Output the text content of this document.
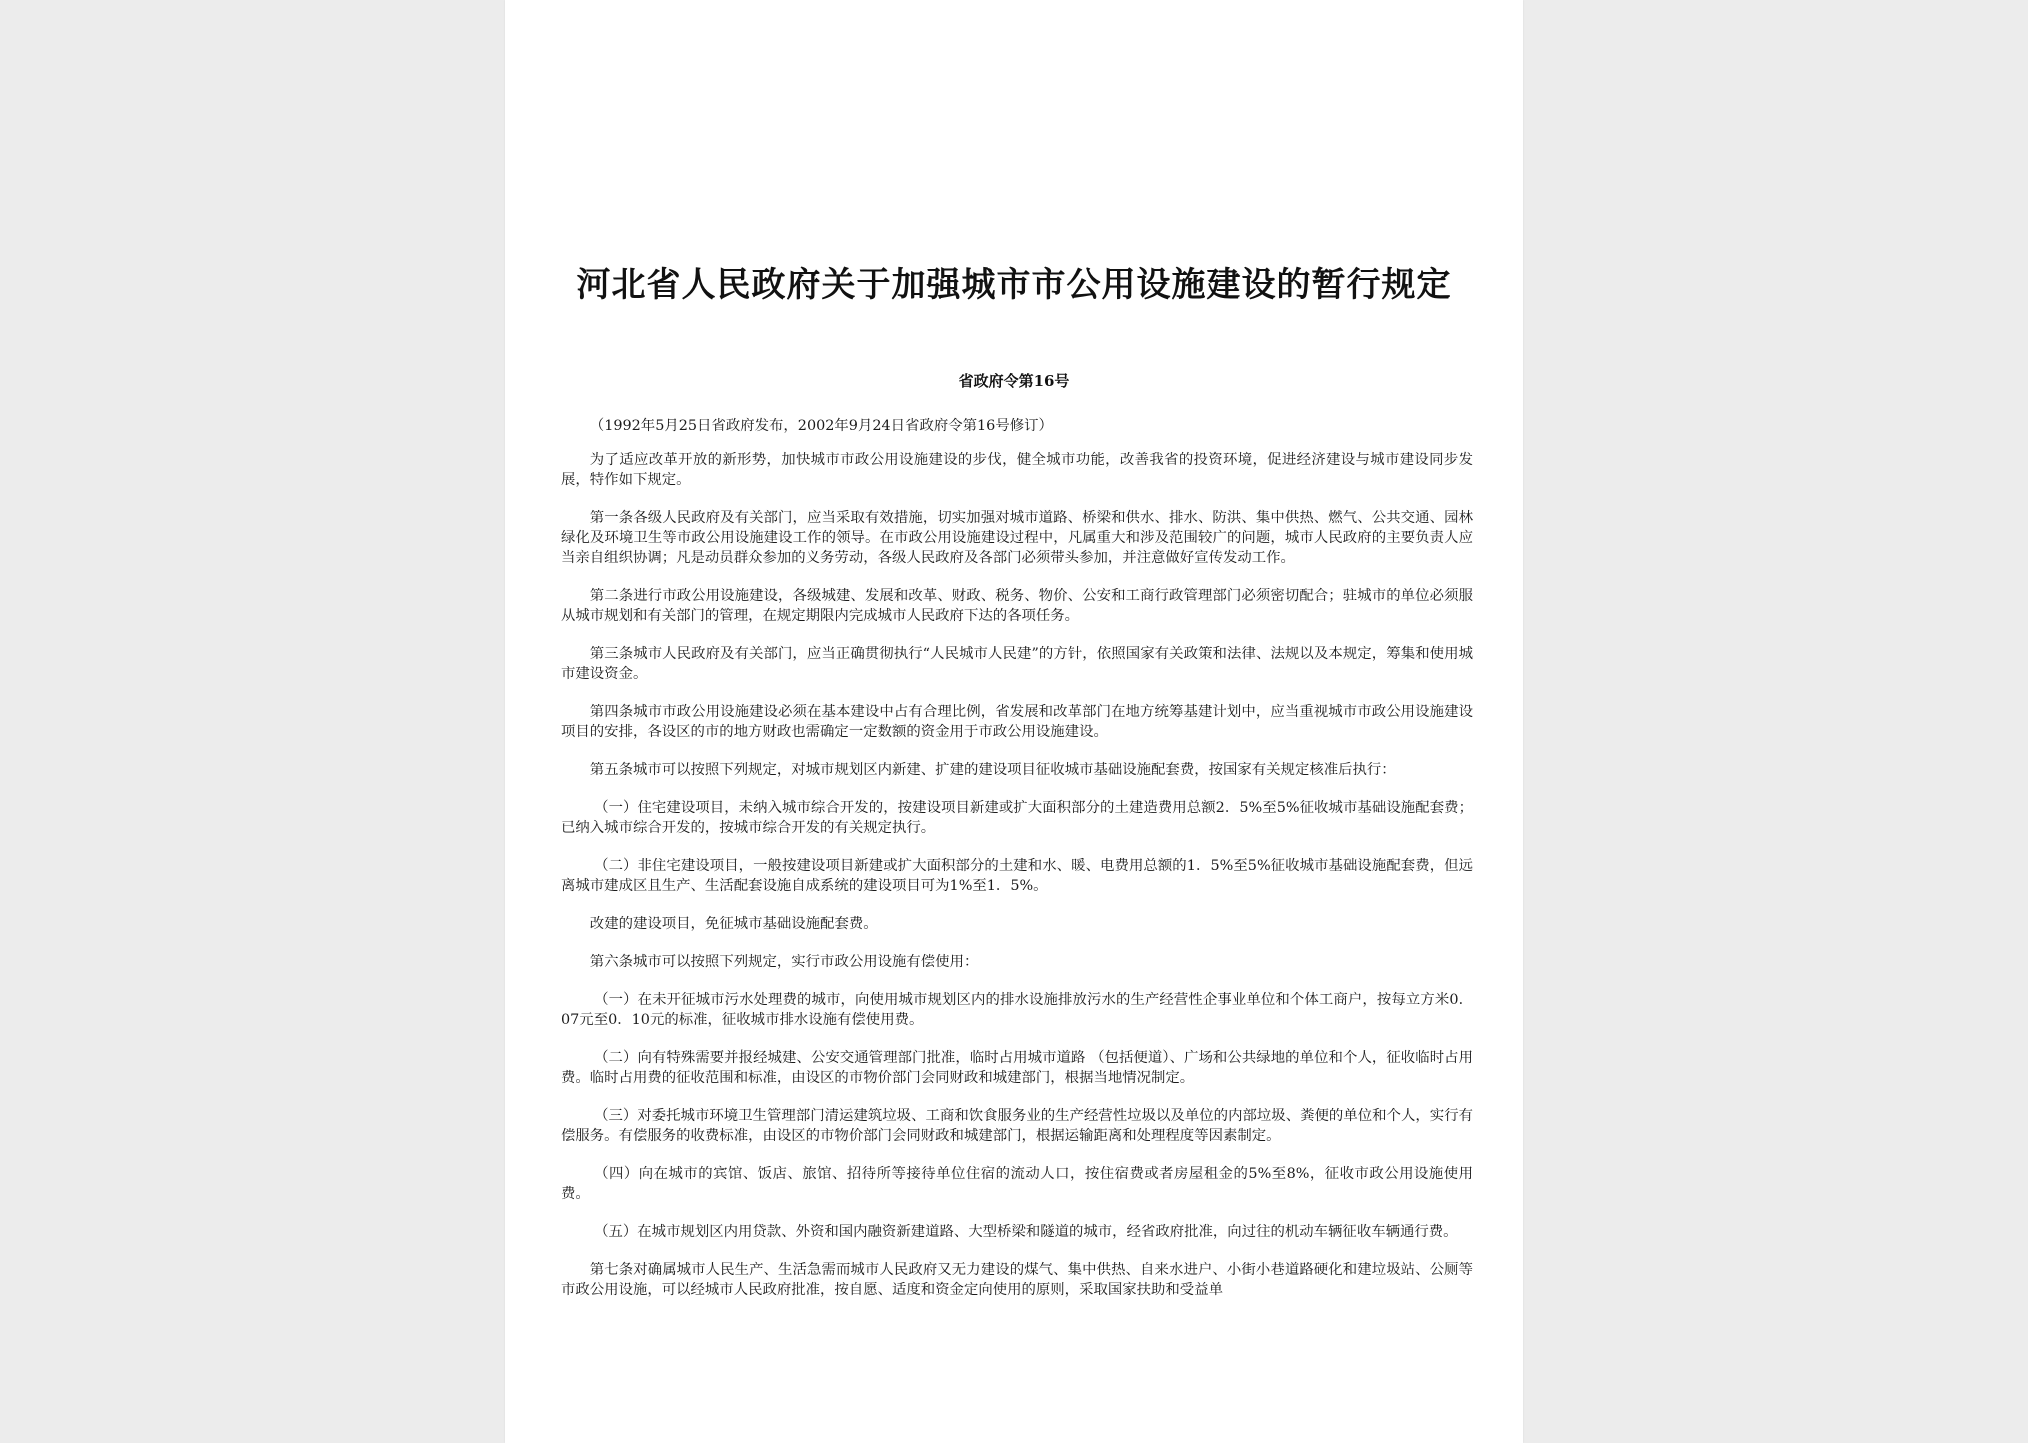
河北省人民政府关于加强城市市公用设施建设的暂行规定
省政府令第16号

（1992年5月25日省政府发布，2002年9月24日省政府令第16号修订）

为了适应改革开放的新形势，加快城市市政公用设施建设的步伐，健全城市功能，改善我省的投资环境，促进经济建设与城市建设同步发展，特作如下规定。

第一条各级人民政府及有关部门，应当采取有效措施，切实加强对城市道路、桥梁和供水、排水、防洪、集中供热、燃气、公共交通、园林绿化及环境卫生等市政公用设施建设工作的领导。在市政公用设施建设过程中，凡属重大和涉及范围较广的问题，城市人民政府的主要负责人应当亲自组织协调；凡是动员群众参加的义务劳动，各级人民政府及各部门必须带头参加，并注意做好宣传发动工作。

第二条进行市政公用设施建设，各级城建、发展和改革、财政、税务、物价、公安和工商行政管理部门必须密切配合；驻城市的单位必须服从城市规划和有关部门的管理，在规定期限内完成城市人民政府下达的各项任务。

第三条城市人民政府及有关部门，应当正确贯彻执行“人民城市人民建”的方针，依照国家有关政策和法律、法规以及本规定，筹集和使用城市建设资金。

第四条城市市政公用设施建设必须在基本建设中占有合理比例，省发展和改革部门在地方统筹基建计划中，应当重视城市市政公用设施建设项目的安排，各设区的市的地方财政也需确定一定数额的资金用于市政公用设施建设。

第五条城市可以按照下列规定，对城市规划区内新建、扩建的建设项目征收城市基础设施配套费，按国家有关规定核准后执行：

（一）住宅建设项目，未纳入城市综合开发的，按建设项目新建或扩大面积部分的土建造费用总额2．5%至5%征收城市基础设施配套费；已纳入城市综合开发的，按城市综合开发的有关规定执行。

（二）非住宅建设项目，一般按建设项目新建或扩大面积部分的土建和水、暖、电费用总额的1．5%至5%征收城市基础设施配套费，但远离城市建成区且生产、生活配套设施自成系统的建设项目可为1%至1．5%。

改建的建设项目，免征城市基础设施配套费。

第六条城市可以按照下列规定，实行市政公用设施有偿使用：

（一）在未开征城市污水处理费的城市，向使用城市规划区内的排水设施排放污水的生产经营性企事业单位和个体工商户，按每立方米0．07元至0．10元的标准，征收城市排水设施有偿使用费。

（二）向有特殊需要并报经城建、公安交通管理部门批准，临时占用城市道路 （包括便道）、广场和公共绿地的单位和个人，征收临时占用费。临时占用费的征收范围和标准，由设区的市物价部门会同财政和城建部门，根据当地情况制定。

（三）对委托城市环境卫生管理部门清运建筑垃圾、工商和饮食服务业的生产经营性垃圾以及单位的内部垃圾、粪便的单位和个人，实行有偿服务。有偿服务的收费标准，由设区的市物价部门会同财政和城建部门，根据运输距离和处理程度等因素制定。

（四）向在城市的宾馆、饭店、旅馆、招待所等接待单位住宿的流动人口，按住宿费或者房屋租金的5%至8%，征收市政公用设施使用费。

（五）在城市规划区内用贷款、外资和国内融资新建道路、大型桥梁和隧道的城市，经省政府批准，向过往的机动车辆征收车辆通行费。

第七条对确属城市人民生产、生活急需而城市人民政府又无力建设的煤气、集中供热、自来水进户、小街小巷道路硬化和建垃圾站、公厕等市政公用设施，可以经城市人民政府批准，按自愿、适度和资金定向使用的原则，采取国家扶助和受益单
